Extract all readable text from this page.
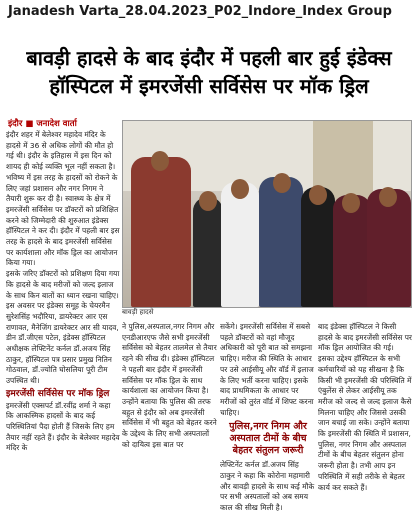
Janadesh Varta_28.04.2023_P02_Indore_Index Group
बावड़ी हादसे के बाद इंदौर में पहली बार हुई इंडेक्स
हॉस्पिटल में इमरजेंसी सर्विसेस पर मॉक ड्रिल
इंदौर ■ जनादेश वार्ता

इंदौर शहर में बेलेश्वर महादेव मंदिर के हादसे में 36 से अधिक लोगों की मौत हो गई थी। इंदौर के इतिहास में इस दिन को शायद ही कोई व्यक्ति भूल नहीं सकता है। भविष्य में इस तरह के हादसों को रोकने के लिए जहां प्रशासन और नगर निगम ने तैयारी शुरू कर दी है। स्वास्थ्य के क्षेत्र में इमरजेंसी सर्विसेस पर डॉक्टरों को प्रशिक्षित करने को जिम्मेदारी की शुरुआत इंडेक्स हॉस्पिटल ने कर दी। इंदौर में पहली बार इस तरह के हादसे के बाद इमरजेंसी सर्विसेस पर कार्यशाला और मॉक ड्रिल का आयोजन किया गया।

इसके जरिए डॉक्टरों को प्रशिक्षण दिया गया कि हादसे के बाद मरीजों को जल्द इलाज के साथ किन बातों का ध्यान रखना चाहिए। इस अवसर पर इंडेक्स समूह के चेयरमैन सुरेशसिंह भदौरिया, डायरेक्टर आर एस राणावत, मैनेजिंग डायरेक्टर आर सी यादव, डीन डॉ.जीएस पटेल, इंडेक्स हॉस्पिटल अधीक्षक लेफ्टिनेंट कर्नल डॉ.अजय सिंह ठाकुर, हॉस्पिटल पत्र प्रसार प्रमुख नितिन गोठवाल, डॉ.ज्योति घोसलिया पूरी टीम उपस्थित थी।

इमरजेंसी सर्विसेस पर मॉक ड्रिल

इमरजेंसी एक्सपर्ट डॉ.रवींद्र शर्मा ने कहा कि आकस्मिक हादसों के बाद कई परिस्थितियां पैदा होती हैं जिसके लिए हम तैयार नहीं रहते हैं। इंदौर के बेलेश्वर महादेव मंदिर के

बावड़ी हादसे

ने पुलिस,अस्पताल,नगर निगम और एनडीआरएफ जैसे सभी इमरजेंसी सर्विसेस को बेहतर तालमेल से तैयार रहने की सीख दी। इंडेक्स हॉस्पिटल ने पहली बार इंदौर में इमरजेंसी सर्विसेस पर मॉक ड्रिल के साथ कार्यशाला का आयोजन किया है। उन्होंने बताया कि पुलिस की तरफ बहुत से इंदौर को अब इमरजेंसी सर्विसेस में भी बहुत को बेहतर करने के उद्देश्य के लिए सभी अस्पतालों को दायित्व इस बात पर

सकेंगे। इमरजेंसी सर्विसेस में सबसे पहले डॉक्टरों को वहां मौजूद अधिकारी को पूरी बात को समझना चाहिए। मरीज की स्थिति के आधार पर उसे आईसीयू और वॉर्ड में इलाज के लिए भर्ती करना चाहिए। इसके बाद प्राथमिकता के आधार पर मरीजों को तुरंत वॉर्ड में शिफ्ट करना चाहिए।

पुलिस,नगर निगम और अस्पताल टीमों के बीच बेहतर संतुलन जरूरी

लेफ्टिनेंट कर्नल डॉ.अजय सिंह ठाकुर ने कहा कि कोरोना महामारी और बावड़ी हादसे के साथ कई मौके पर सभी अस्पतालों को अब समय काल की सीख मिली है।

बाद इंडेक्स हॉस्पिटल ने किसी हादसे के बाद इमरजेंसी सर्विसेस पर मॉक ड्रिल आयोजित की गई। इसका उद्देश्य हॉस्पिटल के सभी कर्मचारियों को यह सीखना है कि किसी भी इमरजेंसी की परिस्थिति में एंबुलेंस से लेकर आईसीयू तक मरीज को जल्द से जल्द इलाज कैसे मिलना चाहिए और जिससे उसकी जान बचाई जा सके। उन्होंने बताया कि इमरजेंसी की स्थिति में प्रशासन, पुलिस, नगर निगम और अस्पताल टीमों के बीच बेहतर संतुलन होना जरूरी होता है। तभी आप इन परिस्थिति में सही तरीके से बेहतर कार्य कर सकते हैं।
